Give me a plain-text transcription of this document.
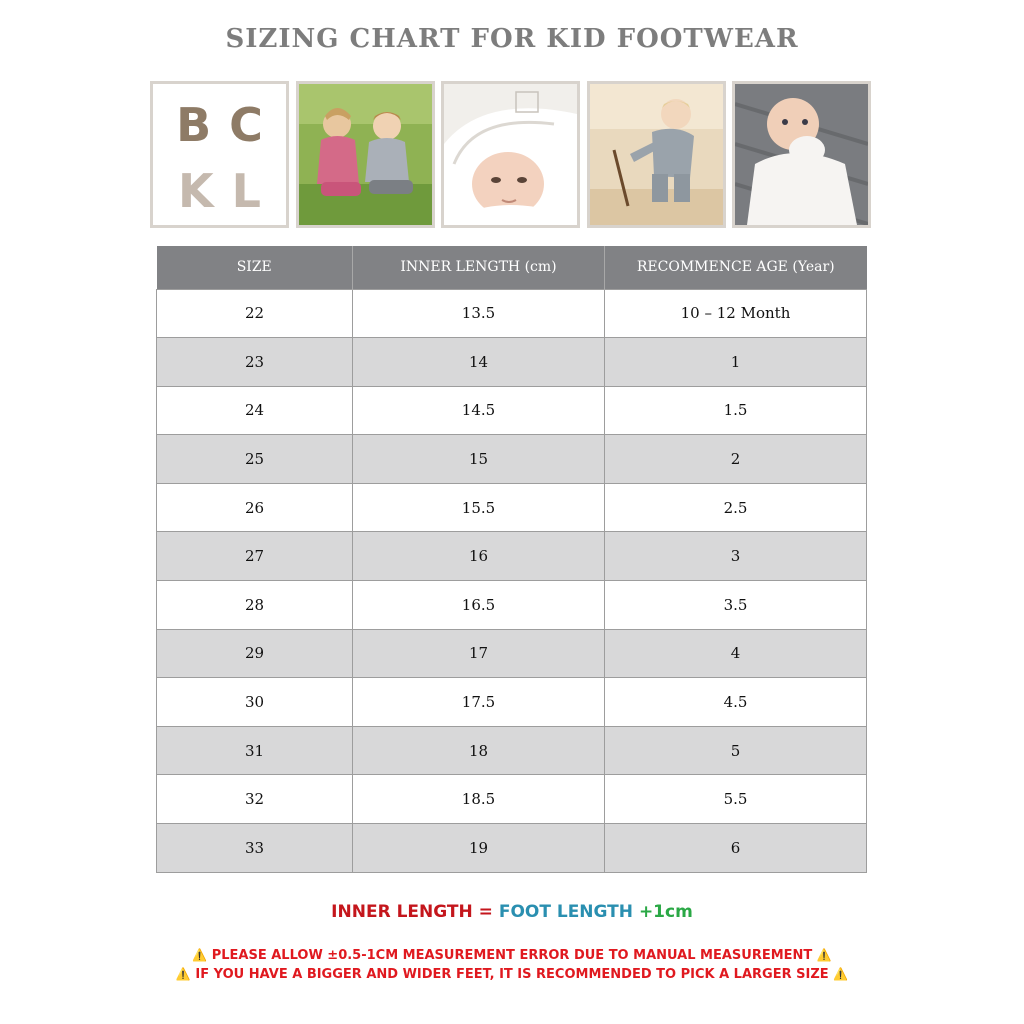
SIZING CHART FOR KID FOOTWEAR
BC
KL
SIZE	INNER LENGTH (cm)	RECOMMENCE AGE (Year)
22	13.5	10 – 12 Month
23	14	1
24	14.5	1.5
25	15	2
26	15.5	2.5
27	16	3
28	16.5	3.5
29	17	4
30	17.5	4.5
31	18	5
32	18.5	5.5
33	19	6
INNER LENGTH = FOOT LENGTH +1cm
⚠️ PLEASE ALLOW ±0.5-1CM MEASUREMENT ERROR DUE TO MANUAL MEASUREMENT ⚠️
⚠️ IF YOU HAVE A BIGGER AND WIDER FEET, IT IS RECOMMENDED TO PICK A LARGER SIZE ⚠️
